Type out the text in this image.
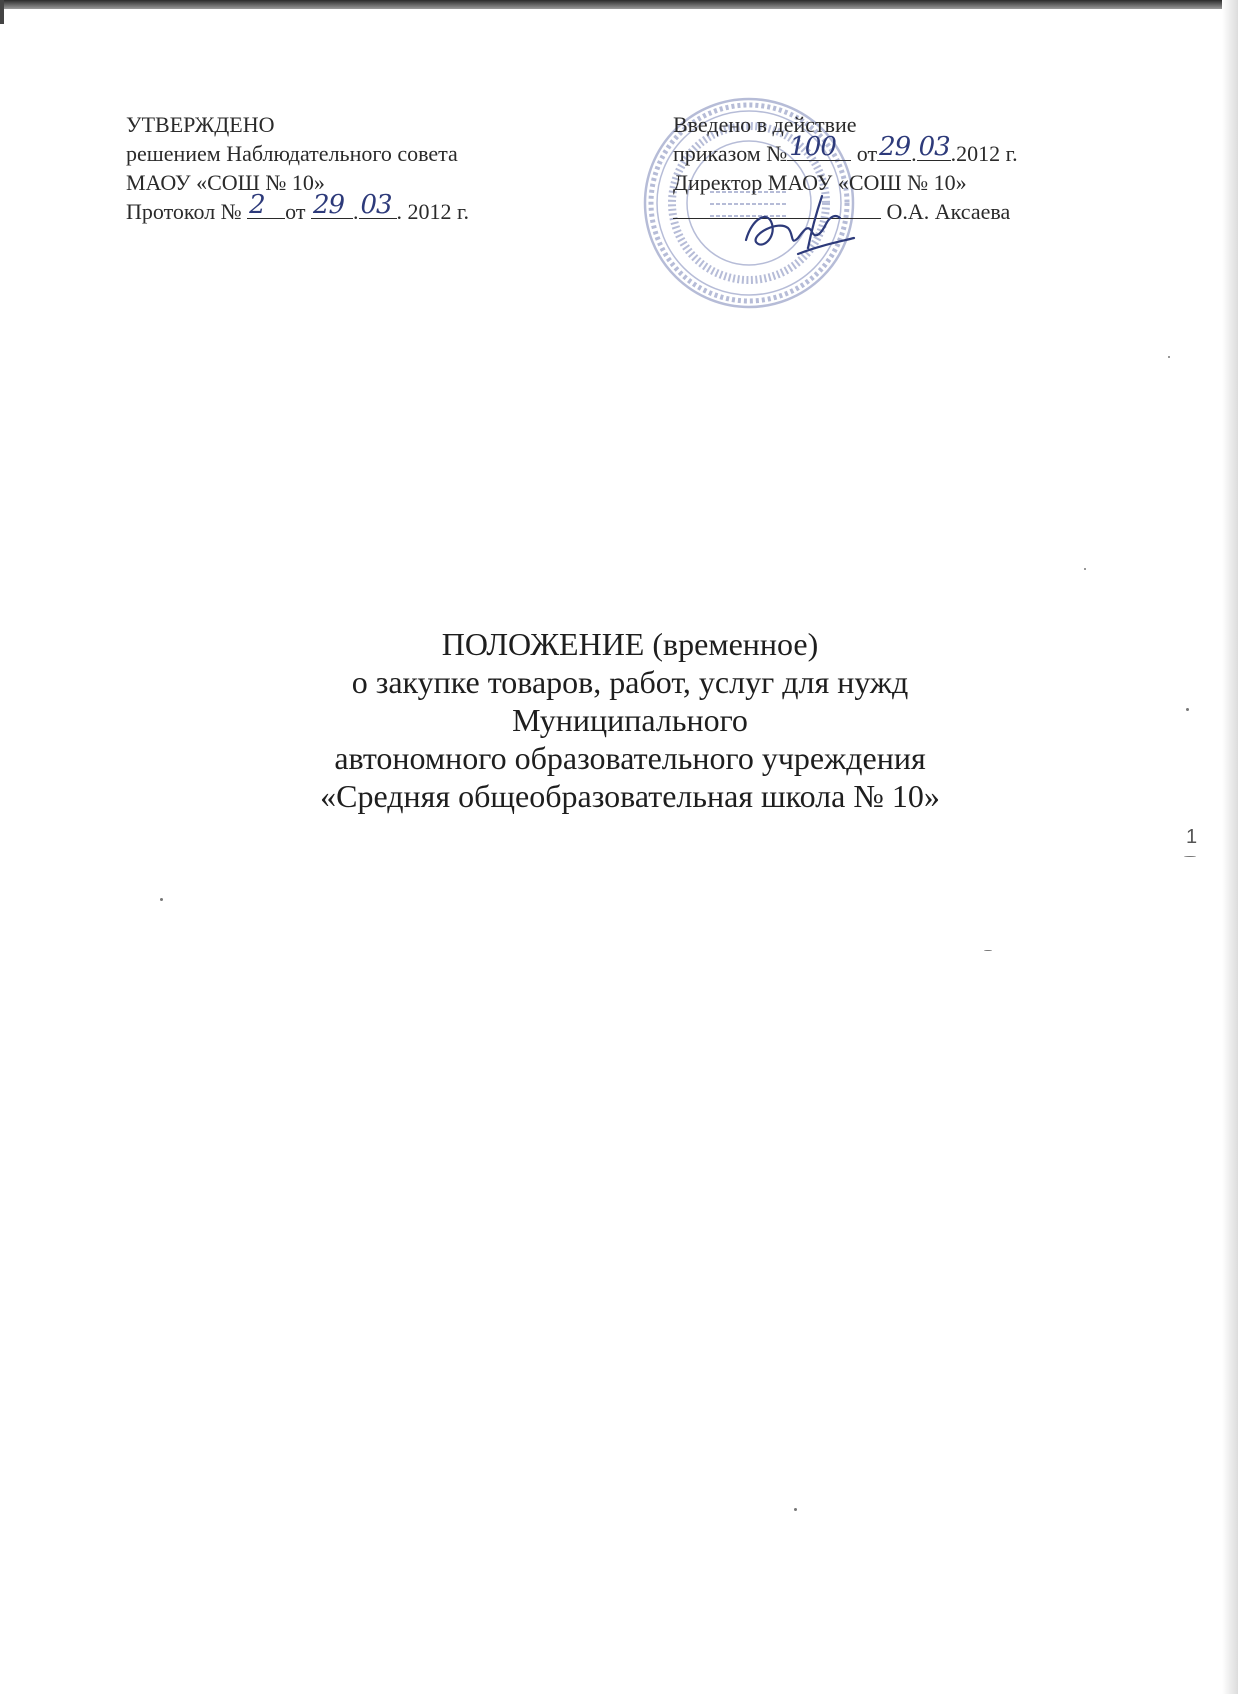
УТВЕРЖДЕНО
решением Наблюдательного совета
МАОУ «СОШ № 10»
Протокол № 2 от 29 . 03 . 2012 г.
Введено в действие
приказом № 100 от 29 . 03 .2012 г.
Директор МАОУ «СОШ № 10»
О.А. Аксаева
ПОЛОЖЕНИЕ (временное)
о закупке товаров, работ, услуг для нужд
Муниципального
автономного образовательного учреждения
«Средняя общеобразовательная школа № 10»
1
